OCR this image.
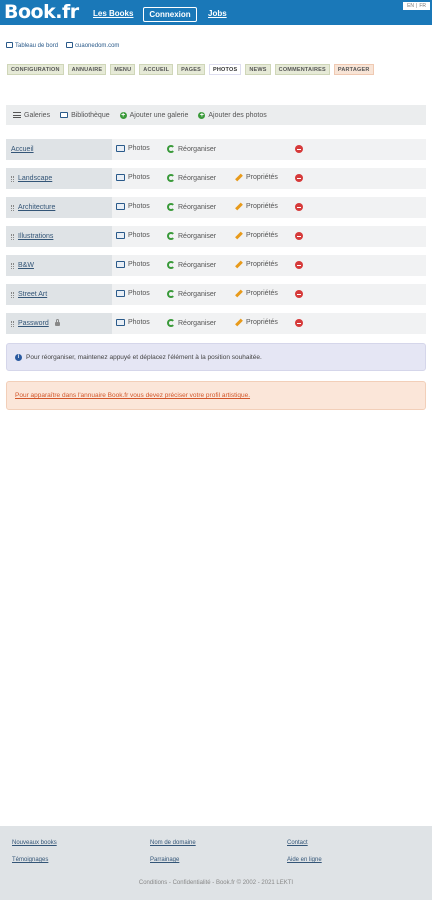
Book.fr Les Books	Connexion	Jobs
EN | FR
Tableau de bord	cuaonedom.com
CONFIGURATION	ANNUAIRE	MENU	ACCUEIL	PAGES	PHOTOS	NEWS	COMMENTAIRES	PARTAGER
Galeries	Bibliothèque + Ajouter une galerie + Ajouter des photos
Accueil	Photos	Réorganiser
Landscape	Photos	Réorganiser	Propriétés
Architecture	Photos	Réorganiser	Propriétés
Illustrations	Photos	Réorganiser	Propriétés
B&W	Photos	Réorganiser	Propriétés
Street Art	Photos	Réorganiser	Propriétés
Password	Photos	Réorganiser	Propriétés
i	Pour réorganiser, maintenez appuyé et déplacez l'élément à la position souhaitée.
Pour apparaître dans l'annuaire Book.fr vous devez préciser votre profil artistique.
Nouveaux books
Témoignages
Nom de domaine
Parrainage
Contact
Aide en ligne
Conditions - Confidentialité - Book.fr © 2002 - 2021 LEKTI
